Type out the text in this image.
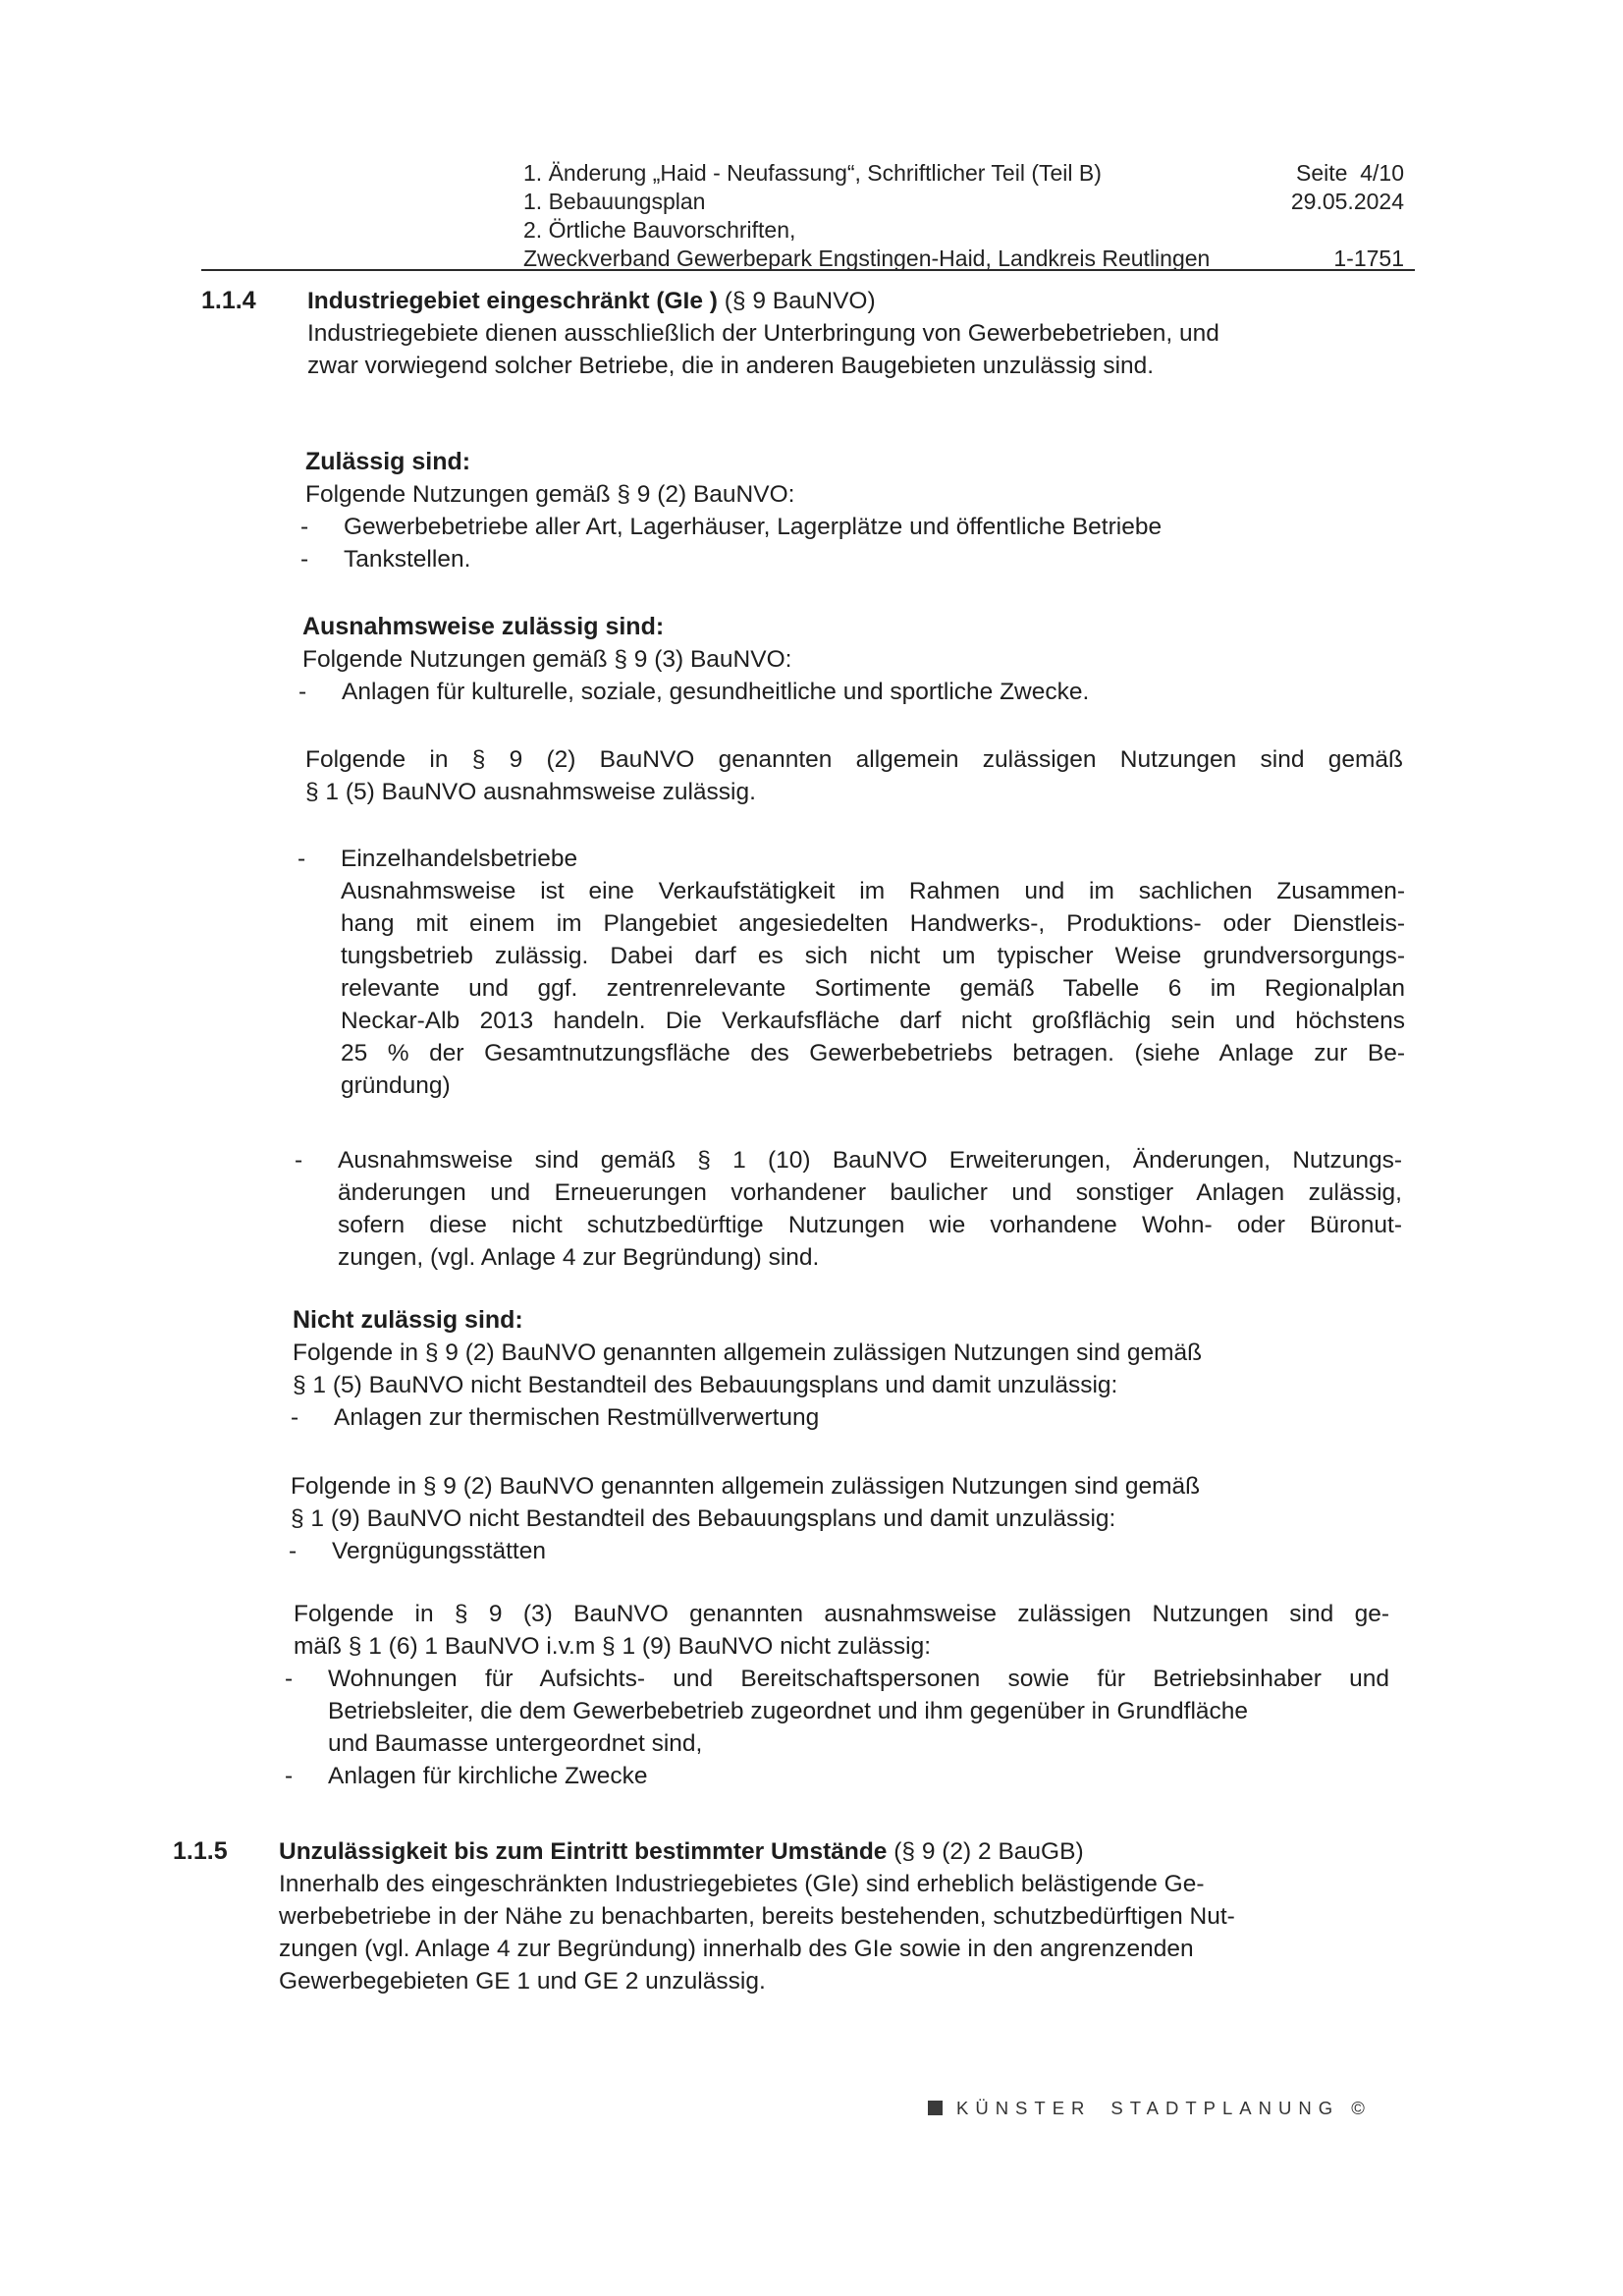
1. Änderung „Haid - Neufassung“, Schriftlicher Teil (Teil B)
1. Bebauungsplan
2. Örtliche Bauvorschriften,
Zweckverband Gewerbepark Engstingen-Haid, Landkreis Reutlingen
Seite  4/10
29.05.2024
1-1751
1.1.4 Industriegebiet eingeschränkt (GIe ) (§ 9 BauNVO)
Industriegebiete dienen ausschließlich der Unterbringung von Gewerbebetrieben, und
zwar vorwiegend solcher Betriebe, die in anderen Baugebieten unzulässig sind.
Zulässig sind:
Folgende Nutzungen gemäß § 9 (2) BauNVO:
- Gewerbebetriebe aller Art, Lagerhäuser, Lagerplätze und öffentliche Betriebe
- Tankstellen.
Ausnahmsweise zulässig sind:
Folgende Nutzungen gemäß § 9 (3) BauNVO:
- Anlagen für kulturelle, soziale, gesundheitliche und sportliche Zwecke.
Folgende in § 9 (2) BauNVO genannten allgemein zulässigen Nutzungen sind gemäß
§ 1 (5) BauNVO ausnahmsweise zulässig.
- Einzelhandelsbetriebe
Ausnahmsweise ist eine Verkaufstätigkeit im Rahmen und im sachlichen Zusammen-
hang mit einem im Plangebiet angesiedelten Handwerks-, Produktions- oder Dienstleis-
tungsbetrieb zulässig. Dabei darf es sich nicht um typischer Weise grundversorgungs-
relevante und ggf. zentrenrelevante Sortimente gemäß Tabelle 6 im Regionalplan
Neckar-Alb 2013 handeln. Die Verkaufsfläche darf nicht großflächig sein und höchstens
25 % der Gesamtnutzungsfläche des Gewerbebetriebs betragen. (siehe Anlage zur Be-
gründung)
- Ausnahmsweise sind gemäß § 1 (10) BauNVO Erweiterungen, Änderungen, Nutzungs-
änderungen und Erneuerungen vorhandener baulicher und sonstiger Anlagen zulässig,
sofern diese nicht schutzbedürftige Nutzungen wie vorhandene Wohn- oder Büronut-
zungen, (vgl. Anlage 4 zur Begründung) sind.
Nicht zulässig sind:
Folgende in § 9 (2) BauNVO genannten allgemein zulässigen Nutzungen sind gemäß
§ 1 (5) BauNVO nicht Bestandteil des Bebauungsplans und damit unzulässig:
- Anlagen zur thermischen Restmüllverwertung
Folgende in § 9 (2) BauNVO genannten allgemein zulässigen Nutzungen sind gemäß
§ 1 (9) BauNVO nicht Bestandteil des Bebauungsplans und damit unzulässig:
- Vergnügungsstätten
Folgende in § 9 (3) BauNVO genannten ausnahmsweise zulässigen Nutzungen sind ge-
mäß § 1 (6) 1 BauNVO i.v.m § 1 (9) BauNVO nicht zulässig:
- Wohnungen für Aufsichts- und Bereitschaftspersonen sowie für Betriebsinhaber und
Betriebsleiter, die dem Gewerbebetrieb zugeordnet und ihm gegenüber in Grundfläche
und Baumasse untergeordnet sind,
- Anlagen für kirchliche Zwecke
1.1.5 Unzulässigkeit bis zum Eintritt bestimmter Umstände (§ 9 (2) 2 BauGB)
Innerhalb des eingeschränkten Industriegebietes (GIe) sind erheblich belästigende Ge-
werbebetriebe in der Nähe zu benachbarten, bereits bestehenden, schutzbedürftigen Nut-
zungen (vgl. Anlage 4 zur Begründung) innerhalb des GIe sowie in den angrenzenden
Gewerbegebieten GE 1 und GE 2 unzulässig.
KÜNSTER STADTPLANUNG ©
